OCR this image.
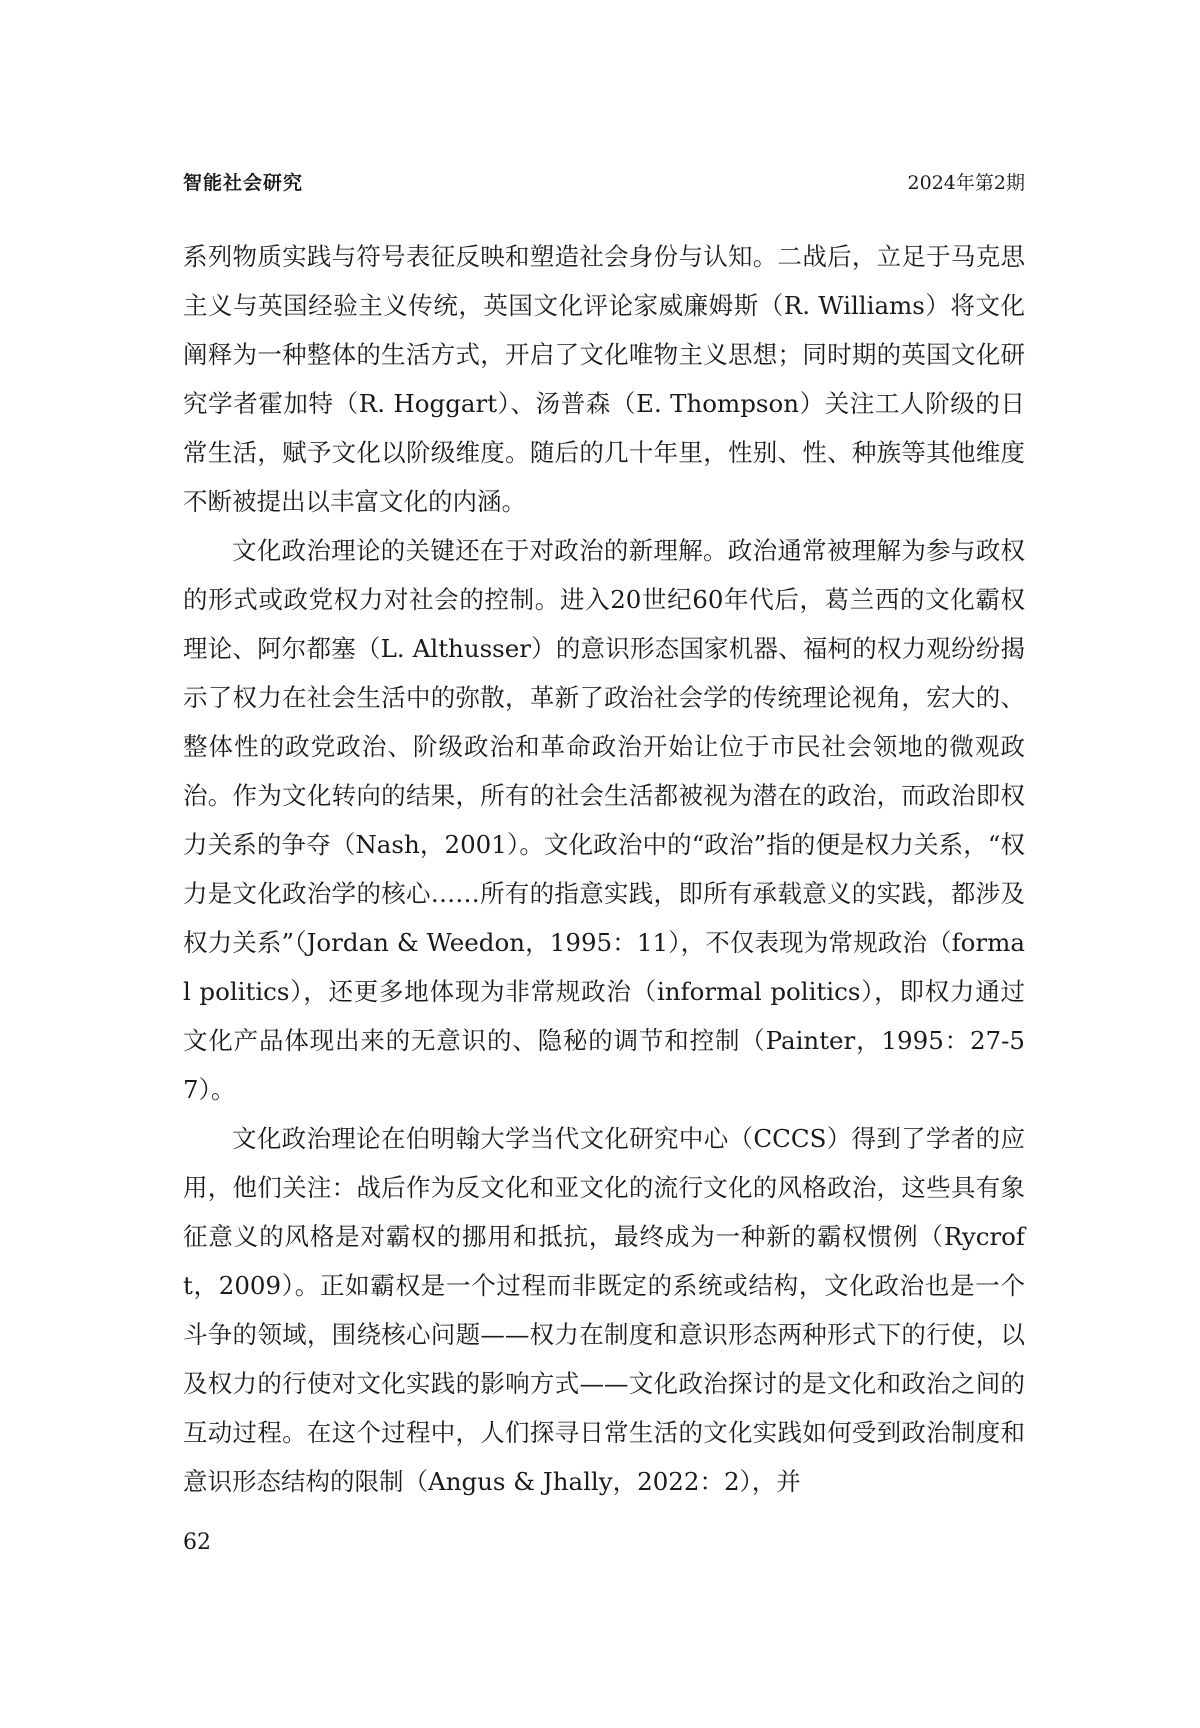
智能社会研究	2024年第2期

系列物质实践与符号表征反映和塑造社会身份与认知。二战后，立足于马克思主义与英国经验主义传统，英国文化评论家威廉姆斯（R. Williams）将文化阐释为一种整体的生活方式，开启了文化唯物主义思想；同时期的英国文化研究学者霍加特（R. Hoggart）、汤普森（E. Thompson）关注工人阶级的日常生活，赋予文化以阶级维度。随后的几十年里，性别、性、种族等其他维度不断被提出以丰富文化的内涵。

文化政治理论的关键还在于对政治的新理解。政治通常被理解为参与政权的形式或政党权力对社会的控制。进入20世纪60年代后，葛兰西的文化霸权理论、阿尔都塞（L. Althusser）的意识形态国家机器、福柯的权力观纷纷揭示了权力在社会生活中的弥散，革新了政治社会学的传统理论视角，宏大的、整体性的政党政治、阶级政治和革命政治开始让位于市民社会领地的微观政治。作为文化转向的结果，所有的社会生活都被视为潜在的政治，而政治即权力关系的争夺（Nash，2001）。文化政治中的“政治”指的便是权力关系，“权力是文化政治学的核心……所有的指意实践，即所有承载意义的实践，都涉及权力关系”（Jordan & Weedon，1995：11），不仅表现为常规政治（formal politics），还更多地体现为非常规政治（informal politics），即权力通过文化产品体现出来的无意识的、隐秘的调节和控制（Painter，1995：27-57）。

文化政治理论在伯明翰大学当代文化研究中心（CCCS）得到了学者的应用，他们关注：战后作为反文化和亚文化的流行文化的风格政治，这些具有象征意义的风格是对霸权的挪用和抵抗，最终成为一种新的霸权惯例（Rycroft，2009）。正如霸权是一个过程而非既定的系统或结构，文化政治也是一个斗争的领域，围绕核心问题——权力在制度和意识形态两种形式下的行使，以及权力的行使对文化实践的影响方式——文化政治探讨的是文化和政治之间的互动过程。在这个过程中，人们探寻日常生活的文化实践如何受到政治制度和意识形态结构的限制（Angus & Jhally，2022：2），并

62
